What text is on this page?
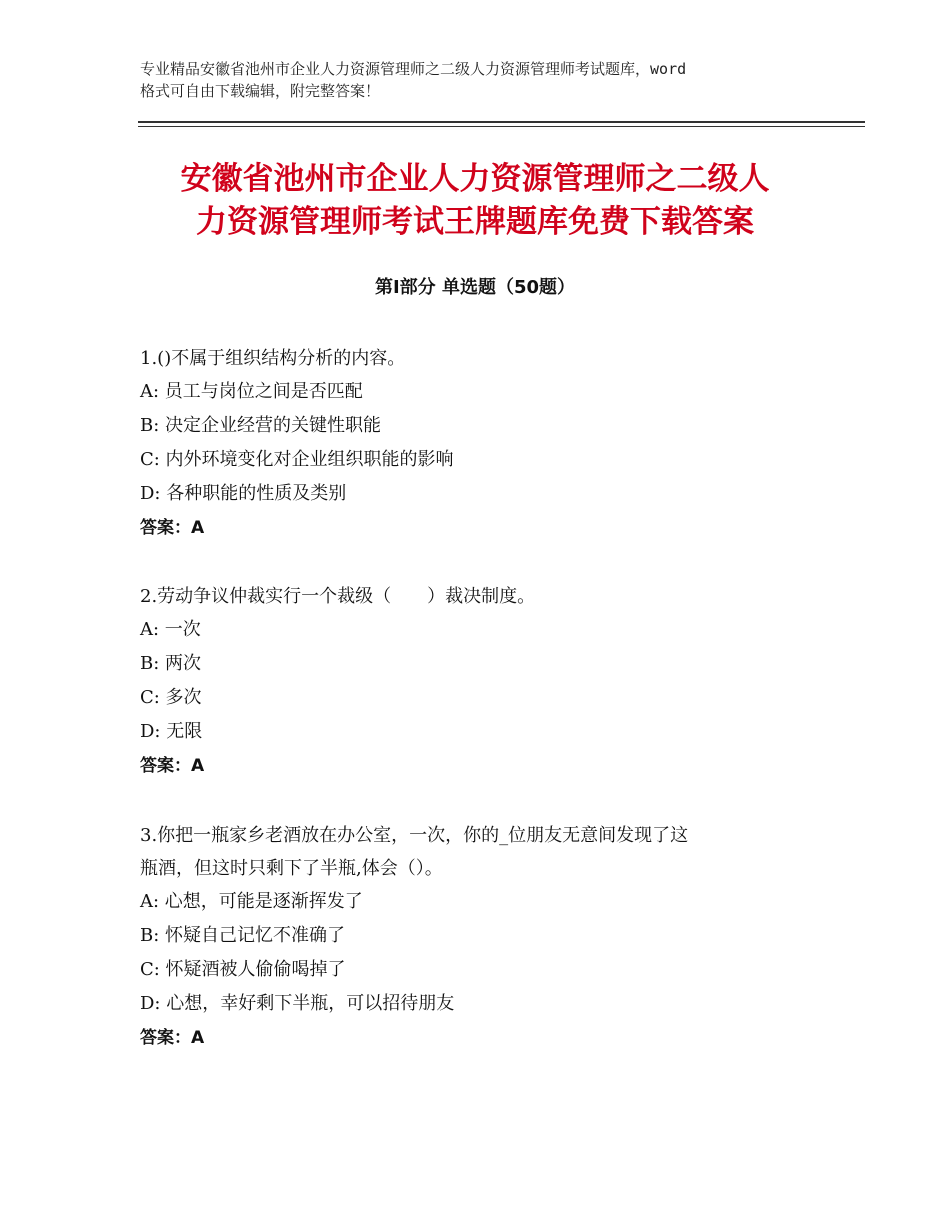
专业精品安徽省池州市企业人力资源管理师之二级人力资源管理师考试题库，word
格式可自由下载编辑，附完整答案！
安徽省池州市企业人力资源管理师之二级人
力资源管理师考试王牌题库免费下载答案
第Ⅰ部分 单选题（50题）

1.()不属于组织结构分析的内容。

A: 员工与岗位之间是否匹配

B: 决定企业经营的关键性职能

C: 内外环境变化对企业组织职能的影响

D: 各种职能的性质及类别

答案：A

2.劳动争议仲裁实行一个裁级（　　）裁决制度。

A: 一次

B: 两次

C: 多次

D: 无限

答案：A

3.你把一瓶家乡老酒放在办公室，一次，你的_位朋友无意间发现了这

瓶酒，但这时只剩下了半瓶,体会（）。

A: 心想，可能是逐渐挥发了

B: 怀疑自己记忆不准确了

C: 怀疑酒被人偷偷喝掉了

D: 心想，幸好剩下半瓶，可以招待朋友

答案：A
